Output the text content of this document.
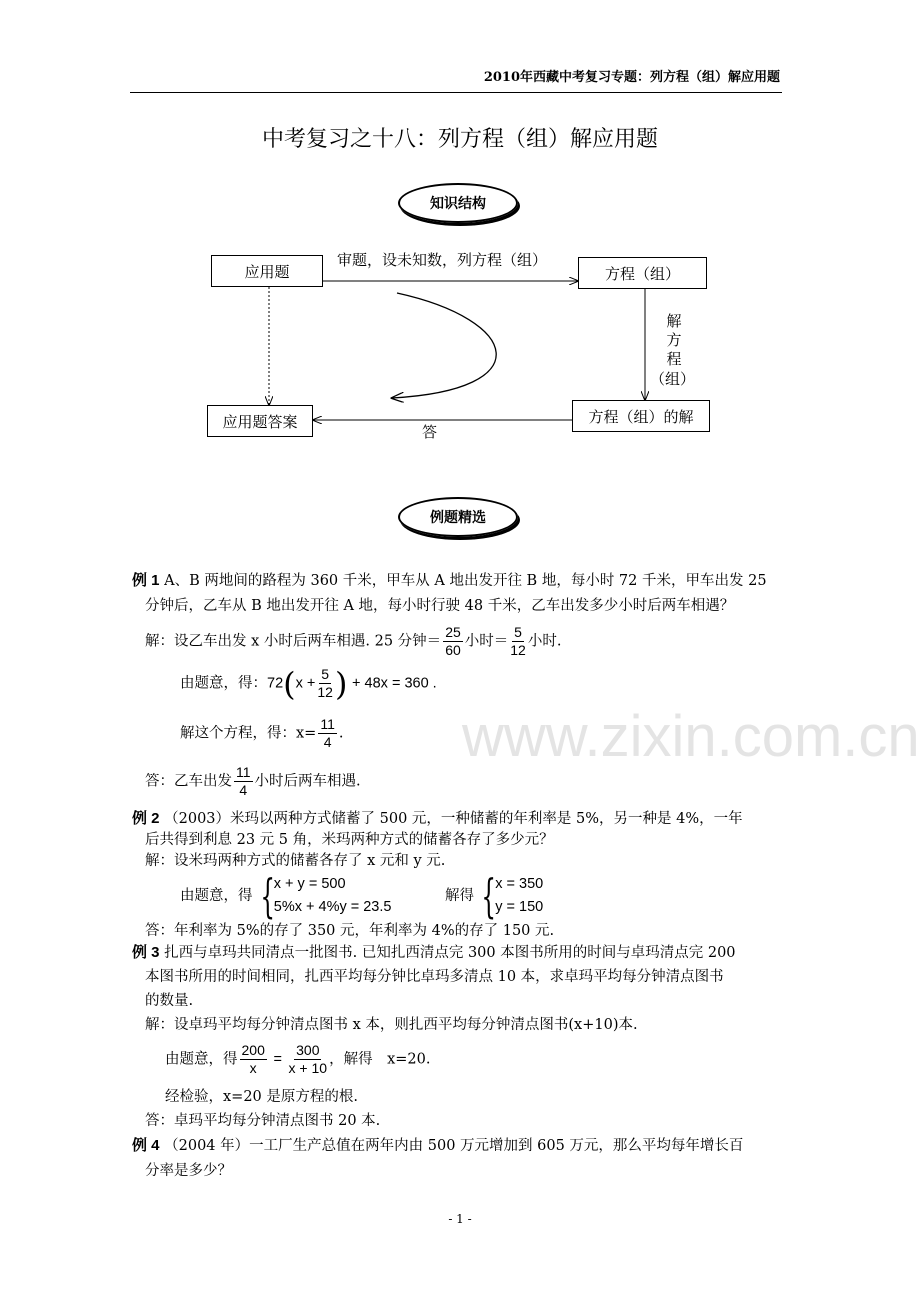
2010年西藏中考复习专题：列方程（组）解应用题
中考复习之十八：列方程（组）解应用题
知识结构
应用题	方程（组）
方程（组）的解
应用题答案
审题，设未知数，列方程（组）
解
方
程
（组）
答
例题精选
www.zixin.com.cn
例 1 A、B 两地间的路程为 360 千米，甲车从 A 地出发开往 B 地，每小时 72 千米，甲车出发 25
分钟后，乙车从 B 地出发开往 A 地，每小时行驶 48 千米，乙车出发多少小时后两车相遇？
解：设乙车出发 x 小时后两车相遇. 25 分钟＝ $\frac{25}{60}$ 小时＝ $\frac{5}{12}$ 小时.
由题意，得：$72(x + \frac{5}{12}$ ) + 48x = 360 .
解这个方程，得：$x= \frac{11}{4}$ .
答：乙车出发 $\frac{11}{4}$ 小时后两车相遇.
例 2 （2003）米玛以两种方式储蓄了 500 元，一种储蓄的年利率是 5%，另一种是 4%，一年
后共得到利息 23 元 5 角，米玛两种方式的储蓄各存了多少元？
解：设米玛两种方式的储蓄各存了 x 元和 y 元.
由题意，得 { x + y = 500
5%x + 4%y = 23.5
解得 { x = 350
y = 150
答：年利率为 5%的存了 350 元，年利率为 4%的存了 150 元.
例 3 扎西与卓玛共同清点一批图书. 已知扎西清点完 300 本图书所用的时间与卓玛清点完 200
本图书所用的时间相同，扎西平均每分钟比卓玛多清点 10 本，求卓玛平均每分钟清点图书
的数量.
解：设卓玛平均每分钟清点图书 x 本，则扎西平均每分钟清点图书(x+10)本.
由题意，得 $\frac{200}{x} = \frac{300}{x + 10}$ ，解得　x=20.
经检验，x=20 是原方程的根.
答：卓玛平均每分钟清点图书 20 本.
例 4 （2004 年）一工厂生产总值在两年内由 500 万元增加到 605 万元，那么平均每年增长百
分率是多少？
- 1 -
